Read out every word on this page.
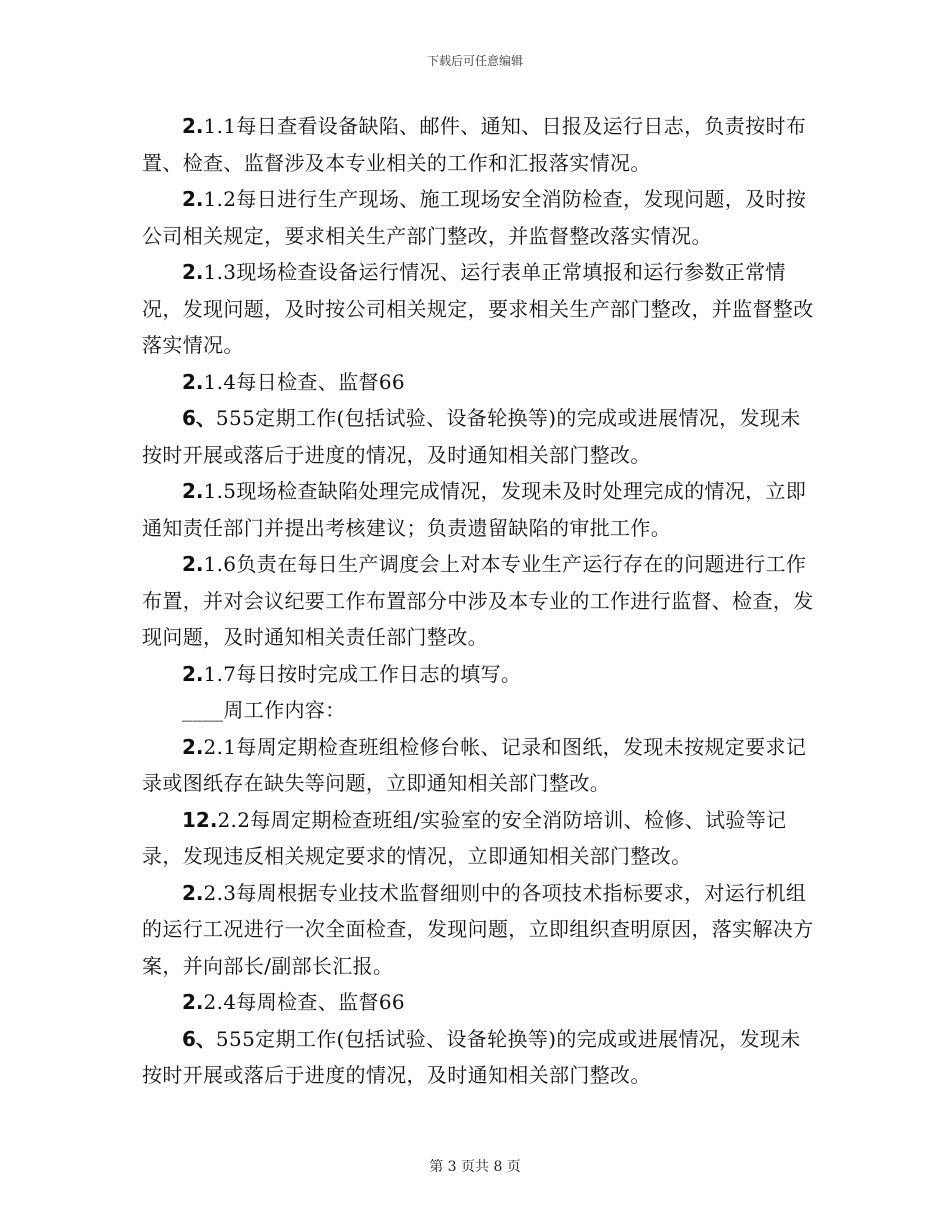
下载后可任意编辑

2.1.1每日查看设备缺陷、邮件、通知、日报及运行日志，负责按时布置、检查、监督涉及本专业相关的工作和汇报落实情况。

2.1.2每日进行生产现场、施工现场安全消防检查，发现问题，及时按公司相关规定，要求相关生产部门整改，并监督整改落实情况。

2.1.3现场检查设备运行情况、运行表单正常填报和运行参数正常情况，发现问题，及时按公司相关规定，要求相关生产部门整改，并监督整改落实情况。

2.1.4每日检查、监督66

6、555定期工作(包括试验、设备轮换等)的完成或进展情况，发现未按时开展或落后于进度的情况，及时通知相关部门整改。

2.1.5现场检查缺陷处理完成情况，发现未及时处理完成的情况，立即通知责任部门并提出考核建议；负责遗留缺陷的审批工作。

2.1.6负责在每日生产调度会上对本专业生产运行存在的问题进行工作布置，并对会议纪要工作布置部分中涉及本专业的工作进行监督、检查，发现问题，及时通知相关责任部门整改。

2.1.7每日按时完成工作日志的填写。

____周工作内容：

2.2.1每周定期检查班组检修台帐、记录和图纸，发现未按规定要求记录或图纸存在缺失等问题，立即通知相关部门整改。

12.2.2每周定期检查班组/实验室的安全消防培训、检修、试验等记录，发现违反相关规定要求的情况，立即通知相关部门整改。

2.2.3每周根据专业技术监督细则中的各项技术指标要求，对运行机组的运行工况进行一次全面检查，发现问题，立即组织查明原因，落实解决方案，并向部长/副部长汇报。

2.2.4每周检查、监督66

6、555定期工作(包括试验、设备轮换等)的完成或进展情况，发现未按时开展或落后于进度的情况，及时通知相关部门整改。

第 3 页共 8 页
